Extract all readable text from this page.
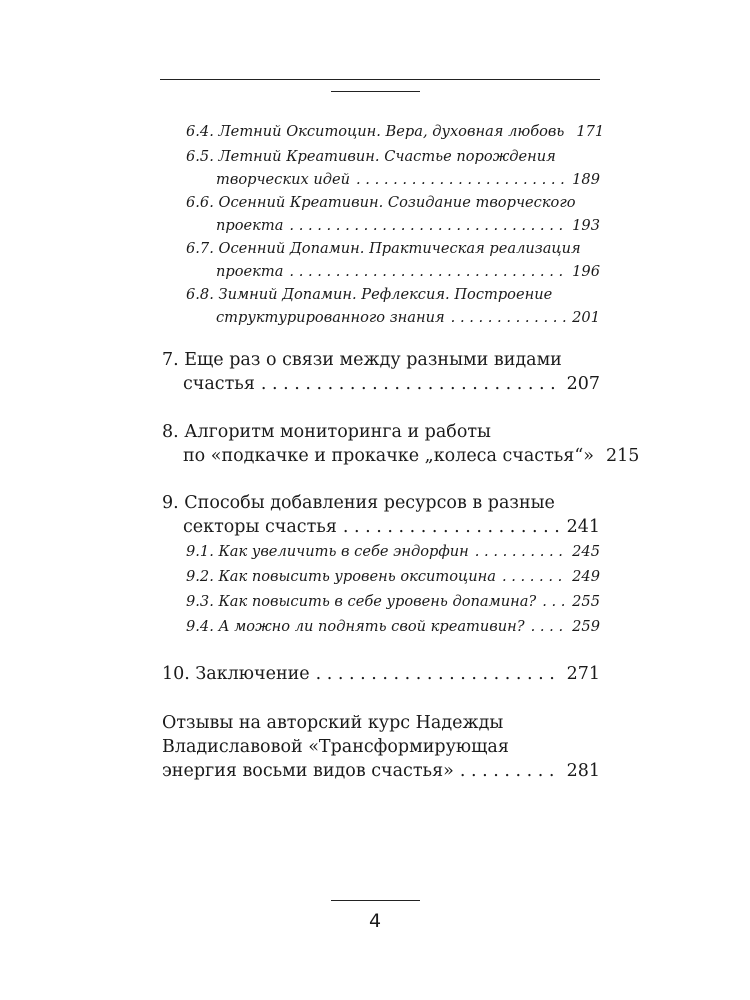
6.4. Летний Окситоцин. Вера, духовная любовь 171
6.5. Летний Креативин. Счастье порождения
творческих идей . . .	189
6.6. Осенний Креативин. Созидание творческого
проекта . . .	193
6.7. Осенний Допамин. Практическая реализация
проекта . . .	196
6.8. Зимний Допамин. Рефлексия. Построение
структурированного знания . . .	201
7. Еще раз о связи между разными видами
счастья . . .	207
8. Алгоритм мониторинга и работы
по «подкачке и прокачке „колеса счастья“» 215
9. Способы добавления ресурсов в разные
секторы счастья . . .	241
9.1. Как увеличить в себе эндорфин . . .	245
9.2. Как повысить уровень окситоцина . . .	249
9.3. Как повысить в себе уровень допамина? . . . 255
9.4. А можно ли поднять свой креативин? . . .	259
10. Заключение . . .	271
Отзывы на авторский курс Надежды
Владиславовой «Трансформирующая
энергия восьми видов счастья» . . .	281
4
